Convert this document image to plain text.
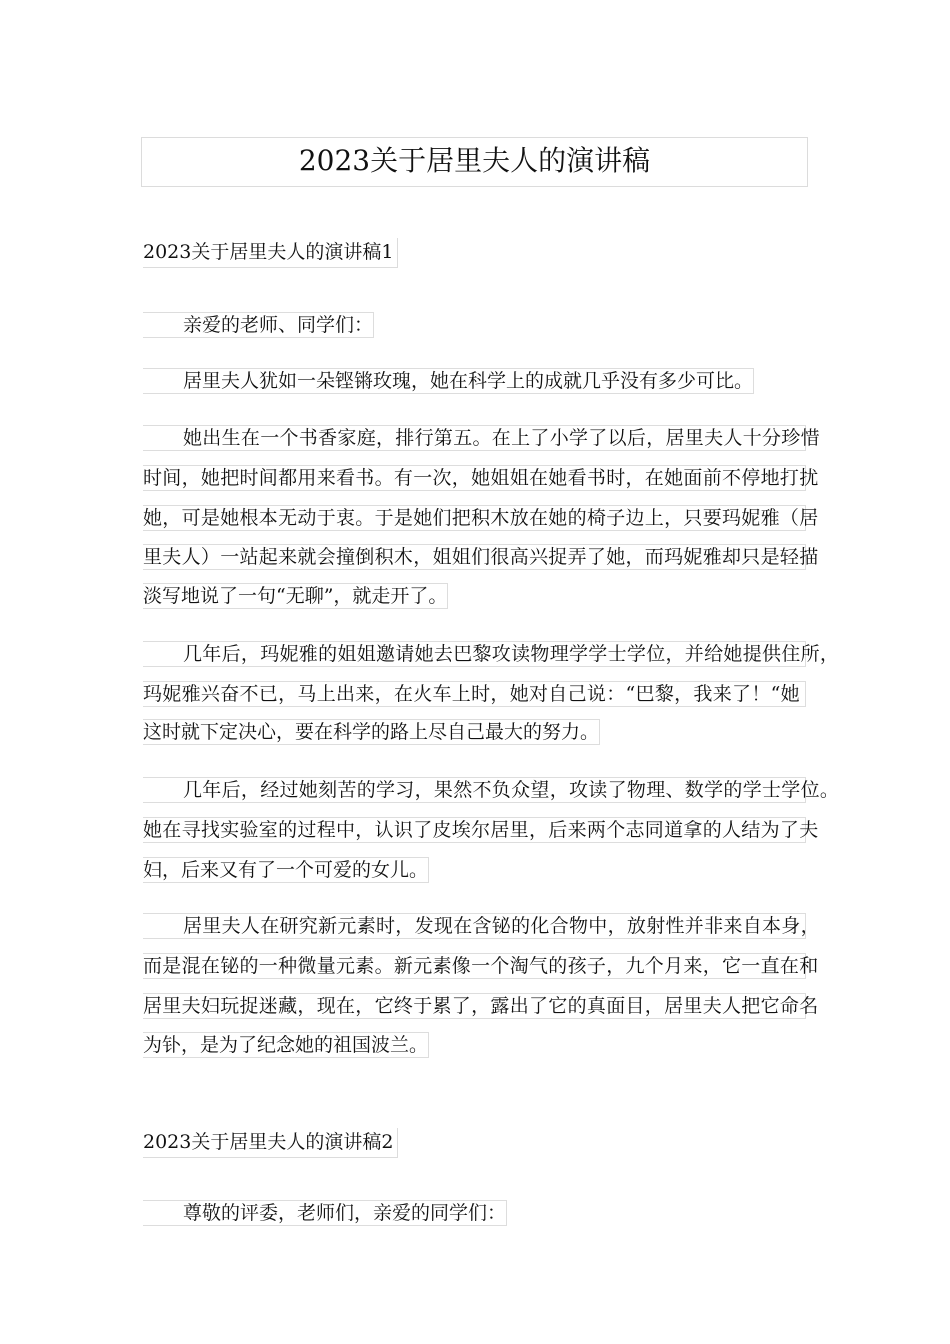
2023关于居里夫人的演讲稿
2023关于居里夫人的演讲稿1
亲爱的老师、同学们：
居里夫人犹如一朵铿锵玫瑰，她在科学上的成就几乎没有多少可比。
她出生在一个书香家庭，排行第五。在上了小学了以后，居里夫人十分珍惜
时间，她把时间都用来看书。有一次，她姐姐在她看书时，在她面前不停地打扰
她，可是她根本无动于衷。于是她们把积木放在她的椅子边上，只要玛妮雅（居
里夫人）一站起来就会撞倒积木，姐姐们很高兴捉弄了她，而玛妮雅却只是轻描
淡写地说了一句“无聊”，就走开了。
几年后，玛妮雅的姐姐邀请她去巴黎攻读物理学学士学位，并给她提供住所，
玛妮雅兴奋不已，马上出来，在火车上时，她对自己说：“巴黎，我来了！“她
这时就下定决心，要在科学的路上尽自己最大的努力。
几年后，经过她刻苦的学习，果然不负众望，攻读了物理、数学的学士学位。
她在寻找实验室的过程中，认识了皮埃尔居里，后来两个志同道拿的人结为了夫
妇，后来又有了一个可爱的女儿。
居里夫人在研究新元素时，发现在含铋的化合物中，放射性并非来自本身，
而是混在铋的一种微量元素。新元素像一个淘气的孩子，九个月来，它一直在和
居里夫妇玩捉迷藏，现在，它终于累了，露出了它的真面目，居里夫人把它命名
为钋，是为了纪念她的祖国波兰。
2023关于居里夫人的演讲稿2
尊敬的评委，老师们，亲爱的同学们：
